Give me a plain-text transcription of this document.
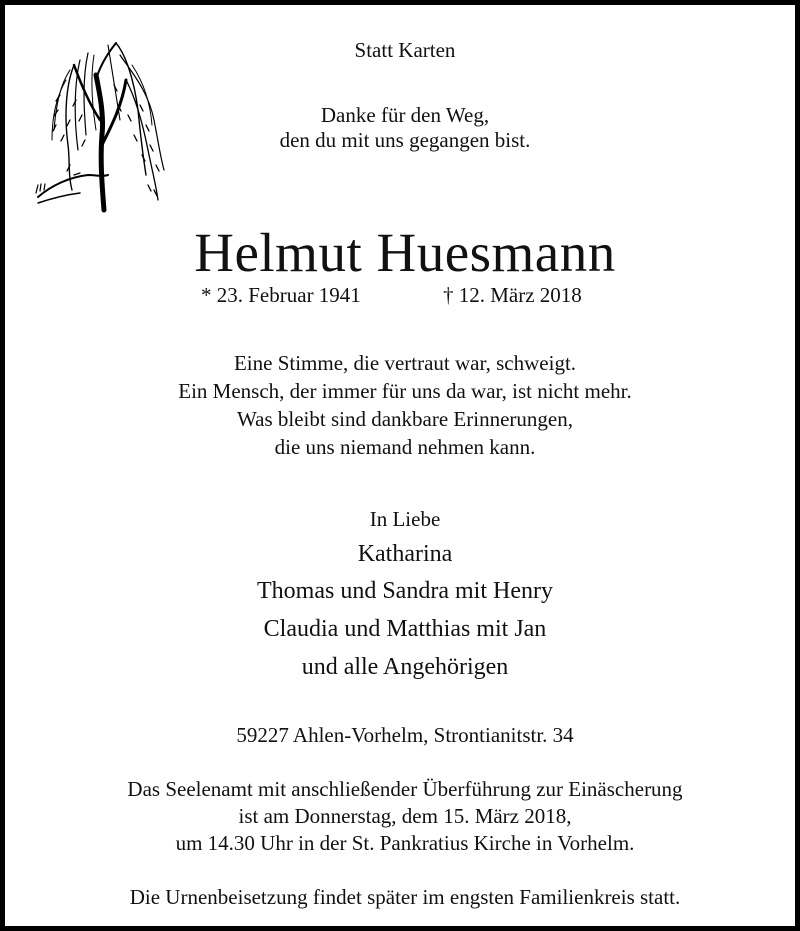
Statt Karten
Danke für den Weg,
den du mit uns gegangen bist.
Helmut Huesmann
* 23. Februar 1941	† 12. März 2018
Eine Stimme, die vertraut war, schweigt.
Ein Mensch, der immer für uns da war, ist nicht mehr.
Was bleibt sind dankbare Erinnerungen,
die uns niemand nehmen kann.
In Liebe
Katharina
Thomas und Sandra mit Henry
Claudia und Matthias mit Jan
und alle Angehörigen
59227 Ahlen-Vorhelm, Strontianitstr. 34
Das Seelenamt mit anschließender Überführung zur Einäscherung
ist am Donnerstag, dem 15. März 2018,
um 14.30 Uhr in der St. Pankratius Kirche in Vorhelm.
Die Urnenbeisetzung findet später im engsten Familienkreis statt.
